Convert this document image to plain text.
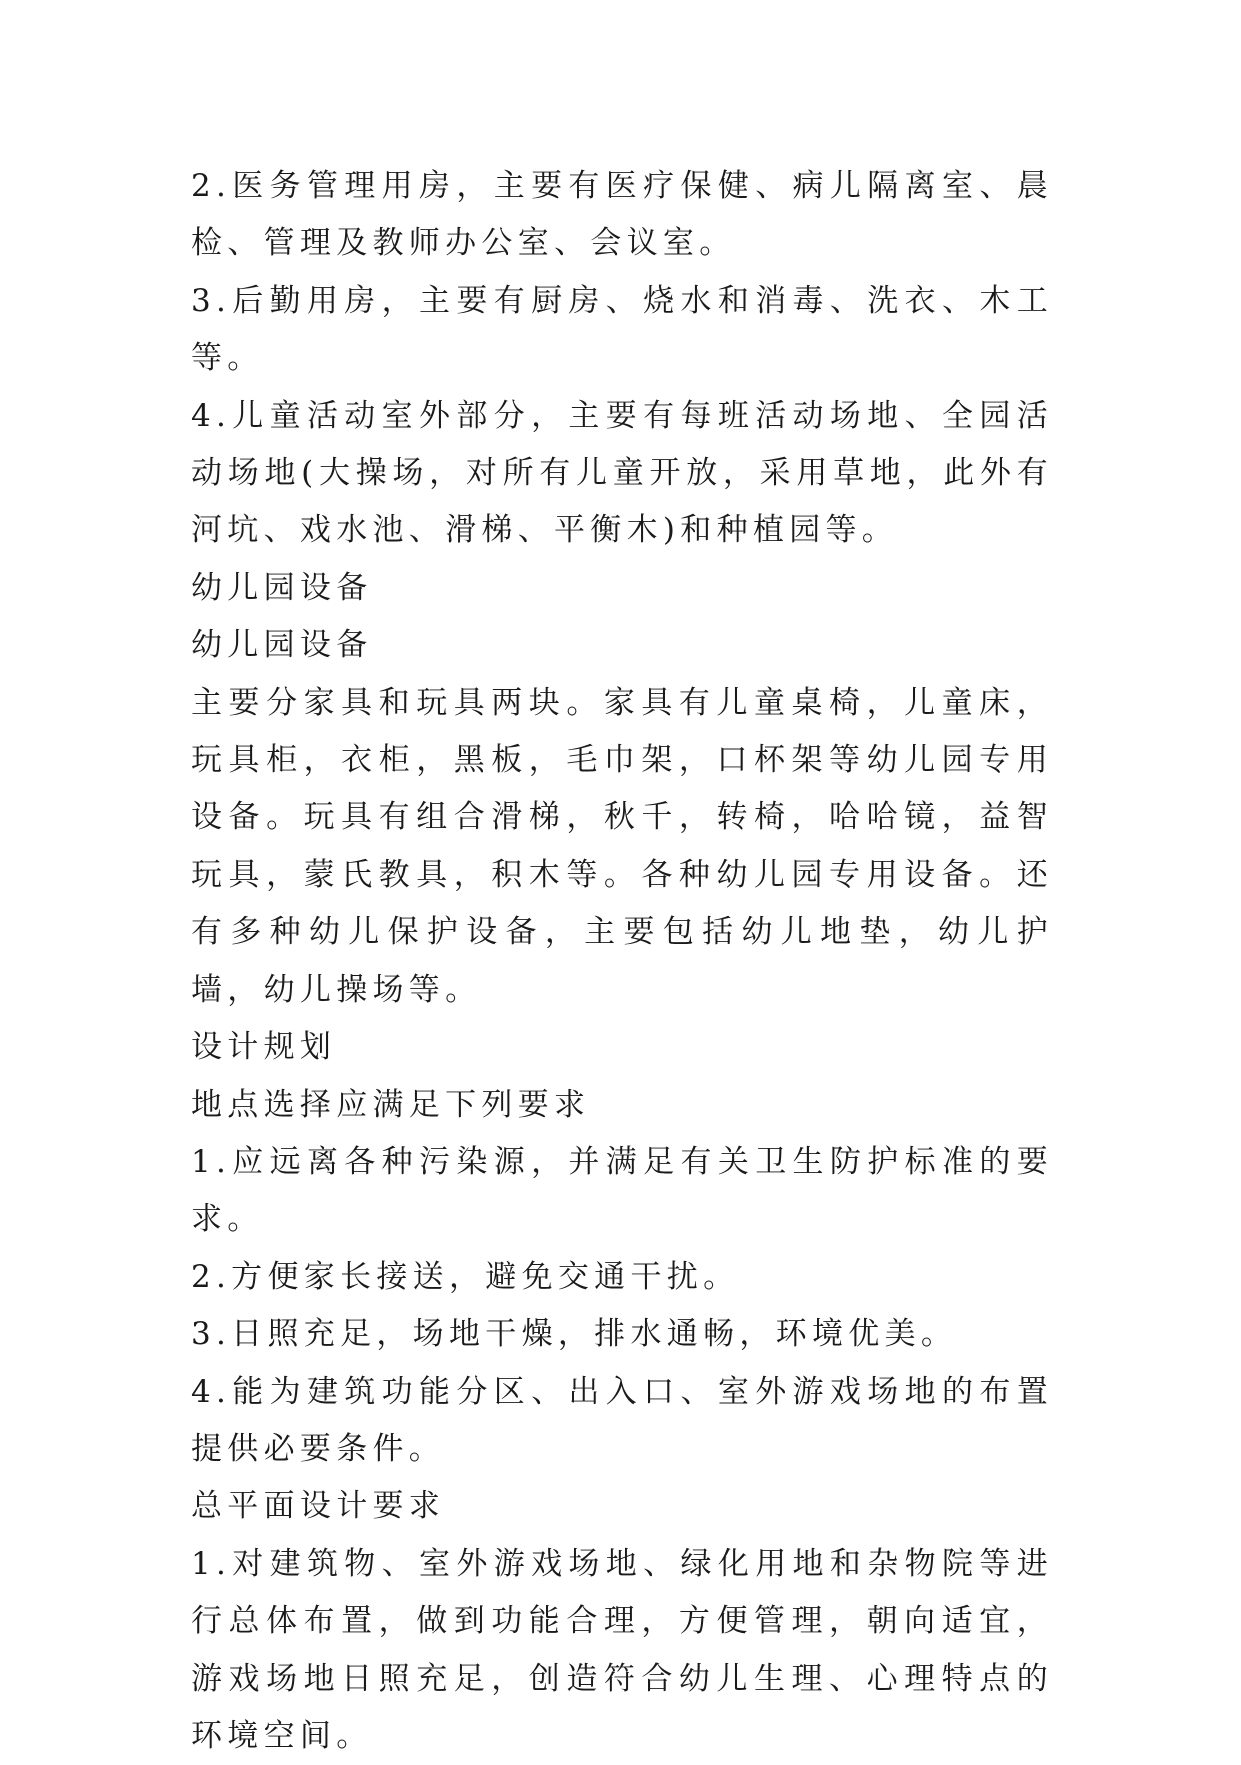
2.医务管理用房，主要有医疗保健、病儿隔离室、晨检、管理及教师办公室、会议室。

3.后勤用房，主要有厨房、烧水和消毒、洗衣、木工等。

4.儿童活动室外部分，主要有每班活动场地、全园活动场地(大操场，对所有儿童开放，采用草地，此外有河坑、戏水池、滑梯、平衡木)和种植园等。

幼儿园设备

幼儿园设备

主要分家具和玩具两块。家具有儿童桌椅，儿童床，玩具柜，衣柜，黑板，毛巾架，口杯架等幼儿园专用设备。玩具有组合滑梯，秋千，转椅，哈哈镜，益智玩具，蒙氏教具，积木等。各种幼儿园专用设备。还有多种幼儿保护设备，主要包括幼儿地垫，幼儿护墙，幼儿操场等。

设计规划

地点选择应满足下列要求

1.应远离各种污染源，并满足有关卫生防护标准的要求。

2.方便家长接送，避免交通干扰。

3.日照充足，场地干燥，排水通畅，环境优美。

4.能为建筑功能分区、出入口、室外游戏场地的布置提供必要条件。

总平面设计要求

1.对建筑物、室外游戏场地、绿化用地和杂物院等进行总体布置，做到功能合理，方便管理，朝向适宜，游戏场地日照充足，创造符合幼儿生理、心理特点的环境空间。
